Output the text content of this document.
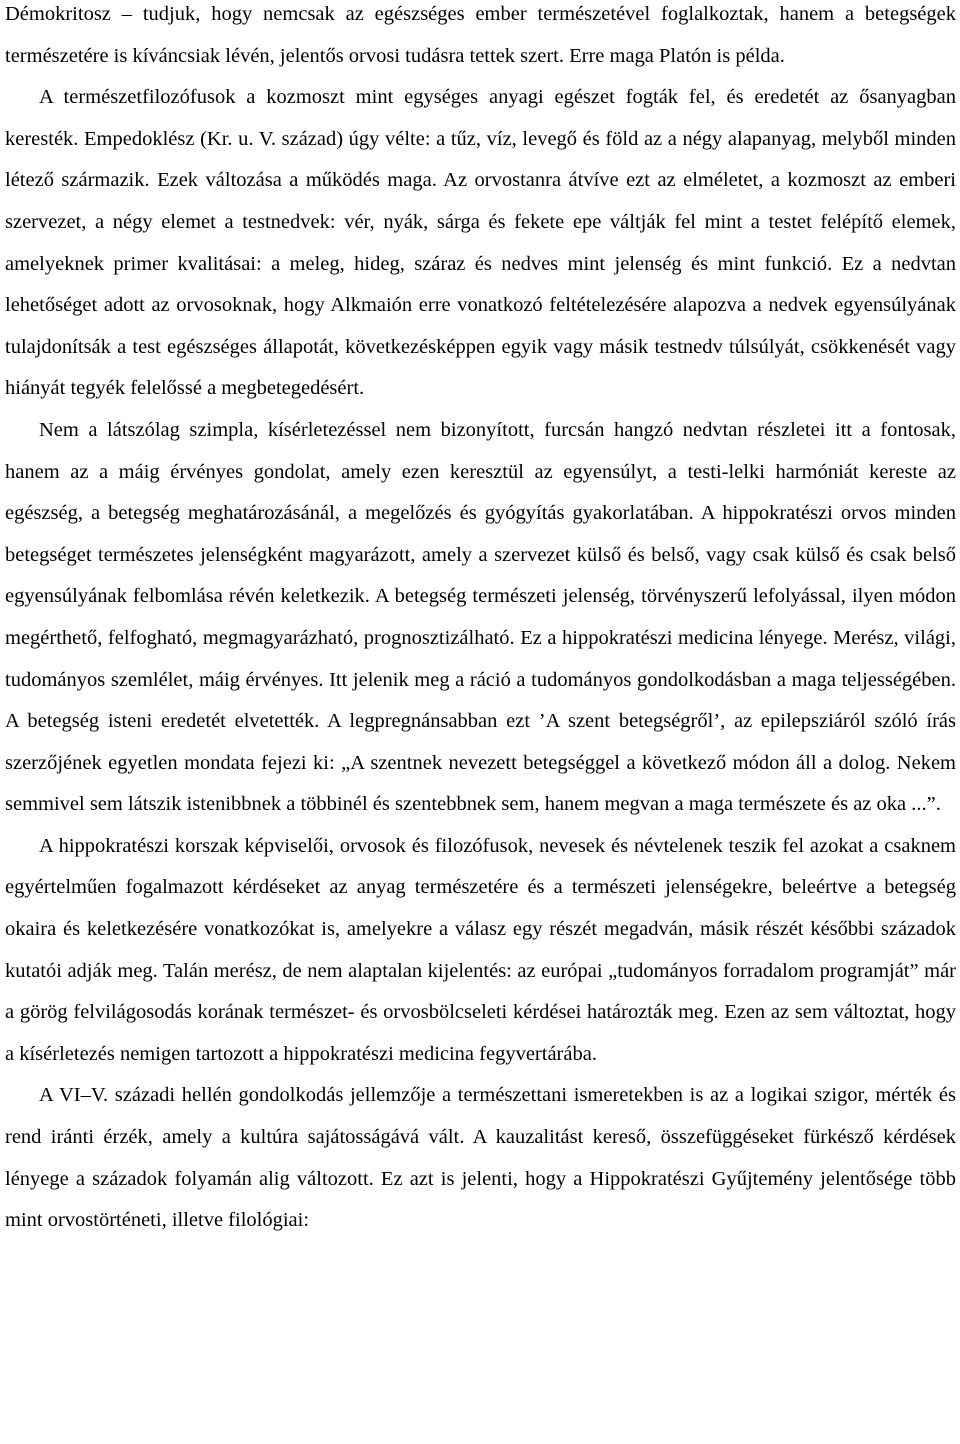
Démokritosz – tudjuk, hogy nemcsak az egészséges ember természetével foglalkoztak, hanem a betegségek természetére is kíváncsiak lévén, jelentős orvosi tudásra tettek szert. Erre maga Platón is példa.

A természetfilozófusok a kozmoszt mint egységes anyagi egészet fogták fel, és eredetét az ősanyagban keresték. Empedoklész (Kr. u. V. század) úgy vélte: a tűz, víz, levegő és föld az a négy alapanyag, melyből minden létező származik. Ezek változása a működés maga. Az orvostanra átvíve ezt az elméletet, a kozmoszt az emberi szervezet, a négy elemet a testnedvek: vér, nyák, sárga és fekete epe váltják fel mint a testet felépítő elemek, amelyeknek primer kvalitásai: a meleg, hideg, száraz és nedves mint jelenség és mint funkció. Ez a nedvtan lehetőséget adott az orvosoknak, hogy Alkmaión erre vonatkozó feltételezésére alapozva a nedvek egyensúlyának tulajdonítsák a test egészséges állapotát, következésképpen egyik vagy másik testnedv túlsúlyát, csökkenését vagy hiányát tegyék felelőssé a megbetegedésért.

Nem a látszólag szimpla, kísérletezéssel nem bizonyított, furcsán hangzó nedvtan részletei itt a fontosak, hanem az a máig érvényes gondolat, amely ezen keresztül az egyensúlyt, a testi-lelki harmóniát kereste az egészség, a betegség meghatározásánál, a megelőzés és gyógyítás gyakorlatában. A hippokratészi orvos minden betegséget természetes jelenségként magyarázott, amely a szervezet külső és belső, vagy csak külső és csak belső egyensúlyának felbomlása révén keletkezik. A betegség természeti jelenség, törvényszerű lefolyással, ilyen módon megérthető, felfogható, megmagyarázható, prognosztizálható. Ez a hippokratészi medicina lényege. Merész, világi, tudományos szemlélet, máig érvényes. Itt jelenik meg a ráció a tudományos gondolkodásban a maga teljességében. A betegség isteni eredetét elvetették. A legpregnánsabban ezt ’A szent betegségről’, az epilepsziáról szóló írás szerzőjének egyetlen mondata fejezi ki: „A szentnek nevezett betegséggel a következő módon áll a dolog. Nekem semmivel sem látszik istenibbnek a többinél és szentebbnek sem, hanem megvan a maga természete és az oka ...”.

A hippokratészi korszak képviselői, orvosok és filozófusok, nevesek és névtelenek teszik fel azokat a csaknem egyértelműen fogalmazott kérdéseket az anyag természetére és a természeti jelenségekre, beleértve a betegség okaira és keletkezésére vonatkozókat is, amelyekre a válasz egy részét megadván, másik részét későbbi századok kutatói adják meg. Talán merész, de nem alaptalan kijelentés: az európai „tudományos forradalom programját” már a görög felvilágosodás korának természet- és orvosbölcseleti kérdései határozták meg. Ezen az sem változtat, hogy a kísérletezés nemigen tartozott a hippokratészi medicina fegyvertárába.

A VI–V. századi hellén gondolkodás jellemzője a természettani ismeretekben is az a logikai szigor, mérték és rend iránti érzék, amely a kultúra sajátosságává vált. A kauzalitást kereső, összefüggéseket fürkésző kérdések lényege a századok folyamán alig változott. Ez azt is jelenti, hogy a Hippokratészi Gyűjtemény jelentősége több mint orvostörténeti, illetve filológiai:
